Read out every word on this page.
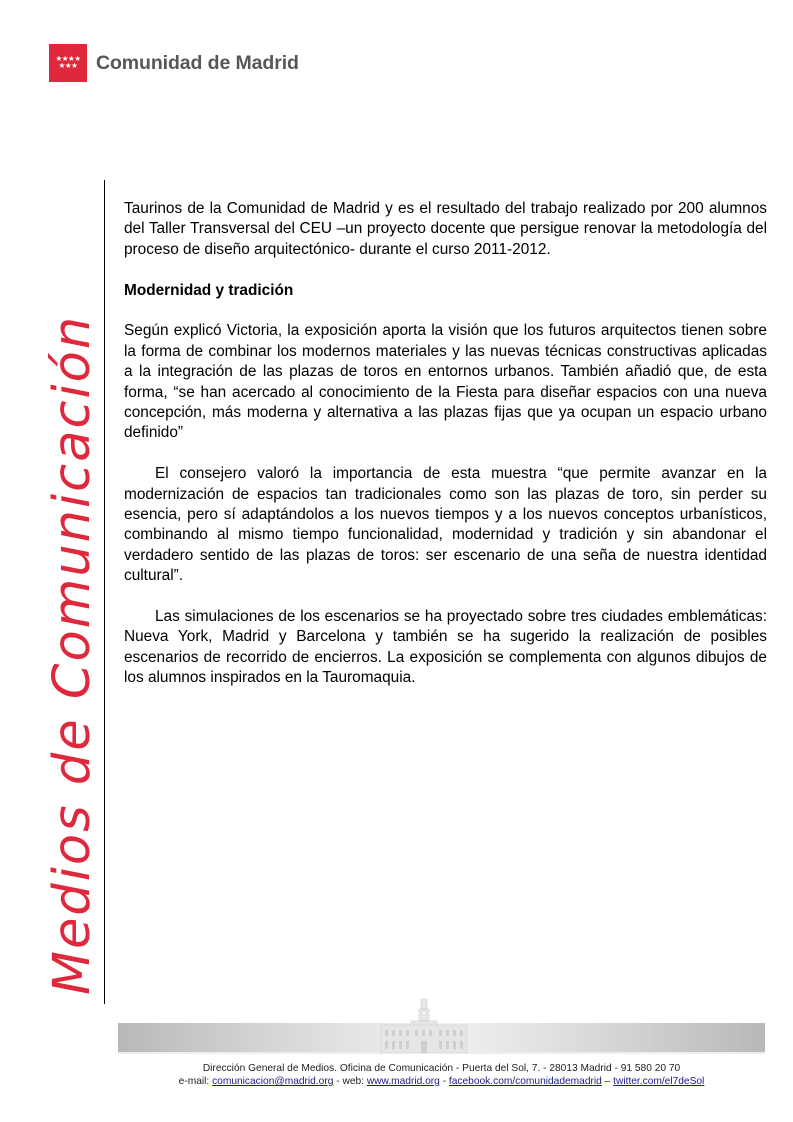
★★★★
★★★ Comunidad de Madrid
Medios de Comunicación

Taurinos de la Comunidad de Madrid y es el resultado del trabajo realizado por 200 alumnos del Taller Transversal del CEU –un proyecto docente que persigue renovar la metodología del proceso de diseño arquitectónico- durante el curso 2011-2012.

Modernidad y tradición

Según explicó Victoria, la exposición aporta la visión que los futuros arquitectos tienen sobre la forma de combinar los modernos materiales y las nuevas técnicas constructivas aplicadas a la integración de las plazas de toros en entornos urbanos. También añadió que, de esta forma, “se han acercado al conocimiento de la Fiesta para diseñar espacios con una nueva concepción, más moderna y alternativa a las plazas fijas que ya ocupan un espacio urbano definido”

El consejero valoró la importancia de esta muestra “que permite avanzar en la modernización de espacios tan tradicionales como son las plazas de toro, sin perder su esencia, pero sí adaptándolos a los nuevos tiempos y a los nuevos conceptos urbanísticos, combinando al mismo tiempo funcionalidad, modernidad y tradición y sin abandonar el verdadero sentido de las plazas de toros: ser escenario de una seña de nuestra identidad cultural”.

Las simulaciones de los escenarios se ha proyectado sobre tres ciudades emblemáticas: Nueva York, Madrid y Barcelona y también se ha sugerido la realización de posibles escenarios de recorrido de encierros. La exposición se complementa con algunos dibujos de los alumnos inspirados en la Tauromaquia.

Dirección General de Medios. Oficina de Comunicación - Puerta del Sol, 7. - 28013 Madrid - 91 580 20 70
e-mail: comunicacion@madrid.org - web: www.madrid.org - facebook.com/comunidademadrid – twitter.com/el7deSol
